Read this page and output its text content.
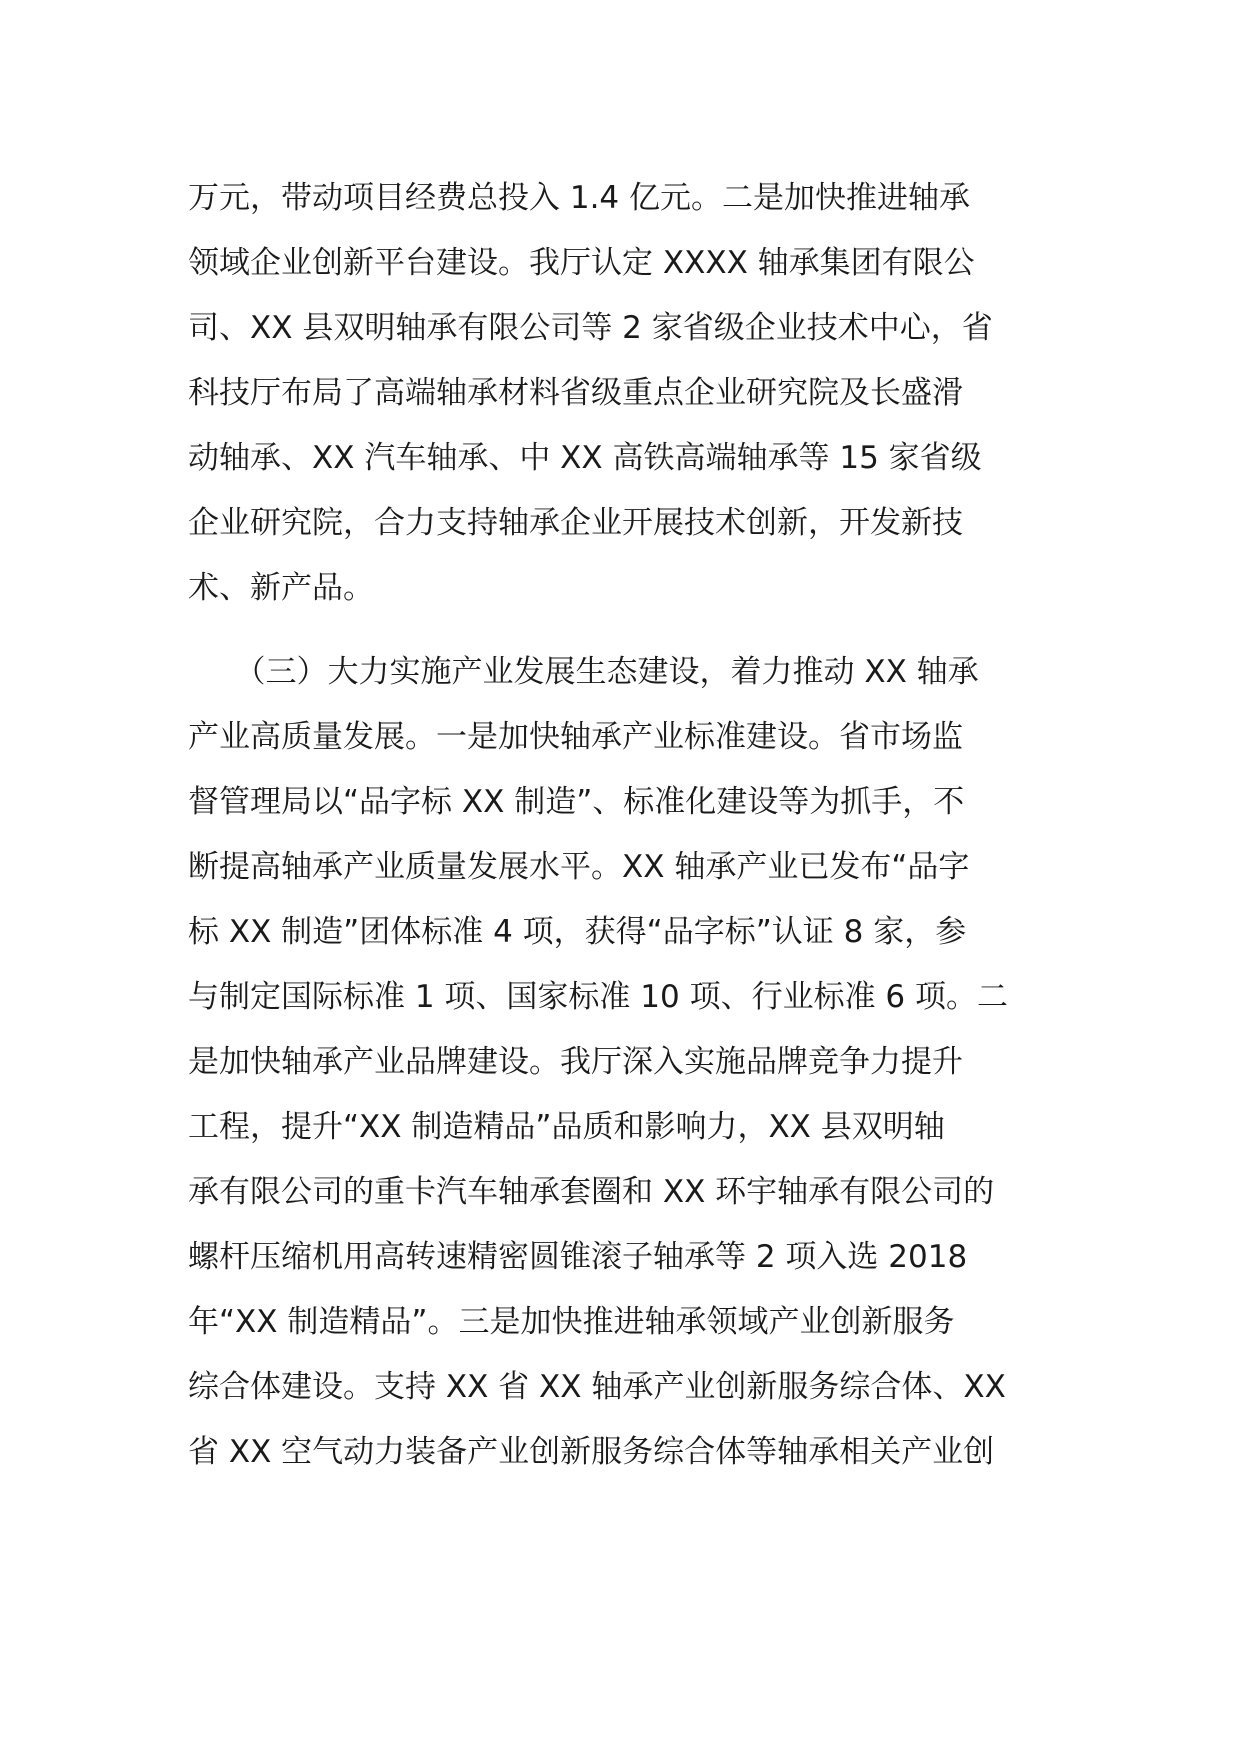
万元，带动项目经费总投入 1.4 亿元。二是加快推进轴承
领域企业创新平台建设。我厅认定 XXXX 轴承集团有限公
司、XX 县双明轴承有限公司等 2 家省级企业技术中心，省
科技厅布局了高端轴承材料省级重点企业研究院及长盛滑
动轴承、XX 汽车轴承、中 XX 高铁高端轴承等 15 家省级
企业研究院，合力支持轴承企业开展技术创新，开发新技
术、新产品。
　　（三）大力实施产业发展生态建设，着力推动 XX 轴承
产业高质量发展。一是加快轴承产业标准建设。省市场监
督管理局以“品字标 XX 制造”、标准化建设等为抓手，不
断提高轴承产业质量发展水平。XX 轴承产业已发布“品字
标 XX 制造”团体标准 4 项，获得“品字标”认证 8 家，参
与制定国际标准 1 项、国家标准 10 项、行业标准 6 项。二
是加快轴承产业品牌建设。我厅深入实施品牌竞争力提升
工程，提升“XX 制造精品”品质和影响力，XX 县双明轴
承有限公司的重卡汽车轴承套圈和 XX 环宇轴承有限公司的
螺杆压缩机用高转速精密圆锥滚子轴承等 2 项入选 2018
年“XX 制造精品”。三是加快推进轴承领域产业创新服务
综合体建设。支持 XX 省 XX 轴承产业创新服务综合体、XX
省 XX 空气动力装备产业创新服务综合体等轴承相关产业创
